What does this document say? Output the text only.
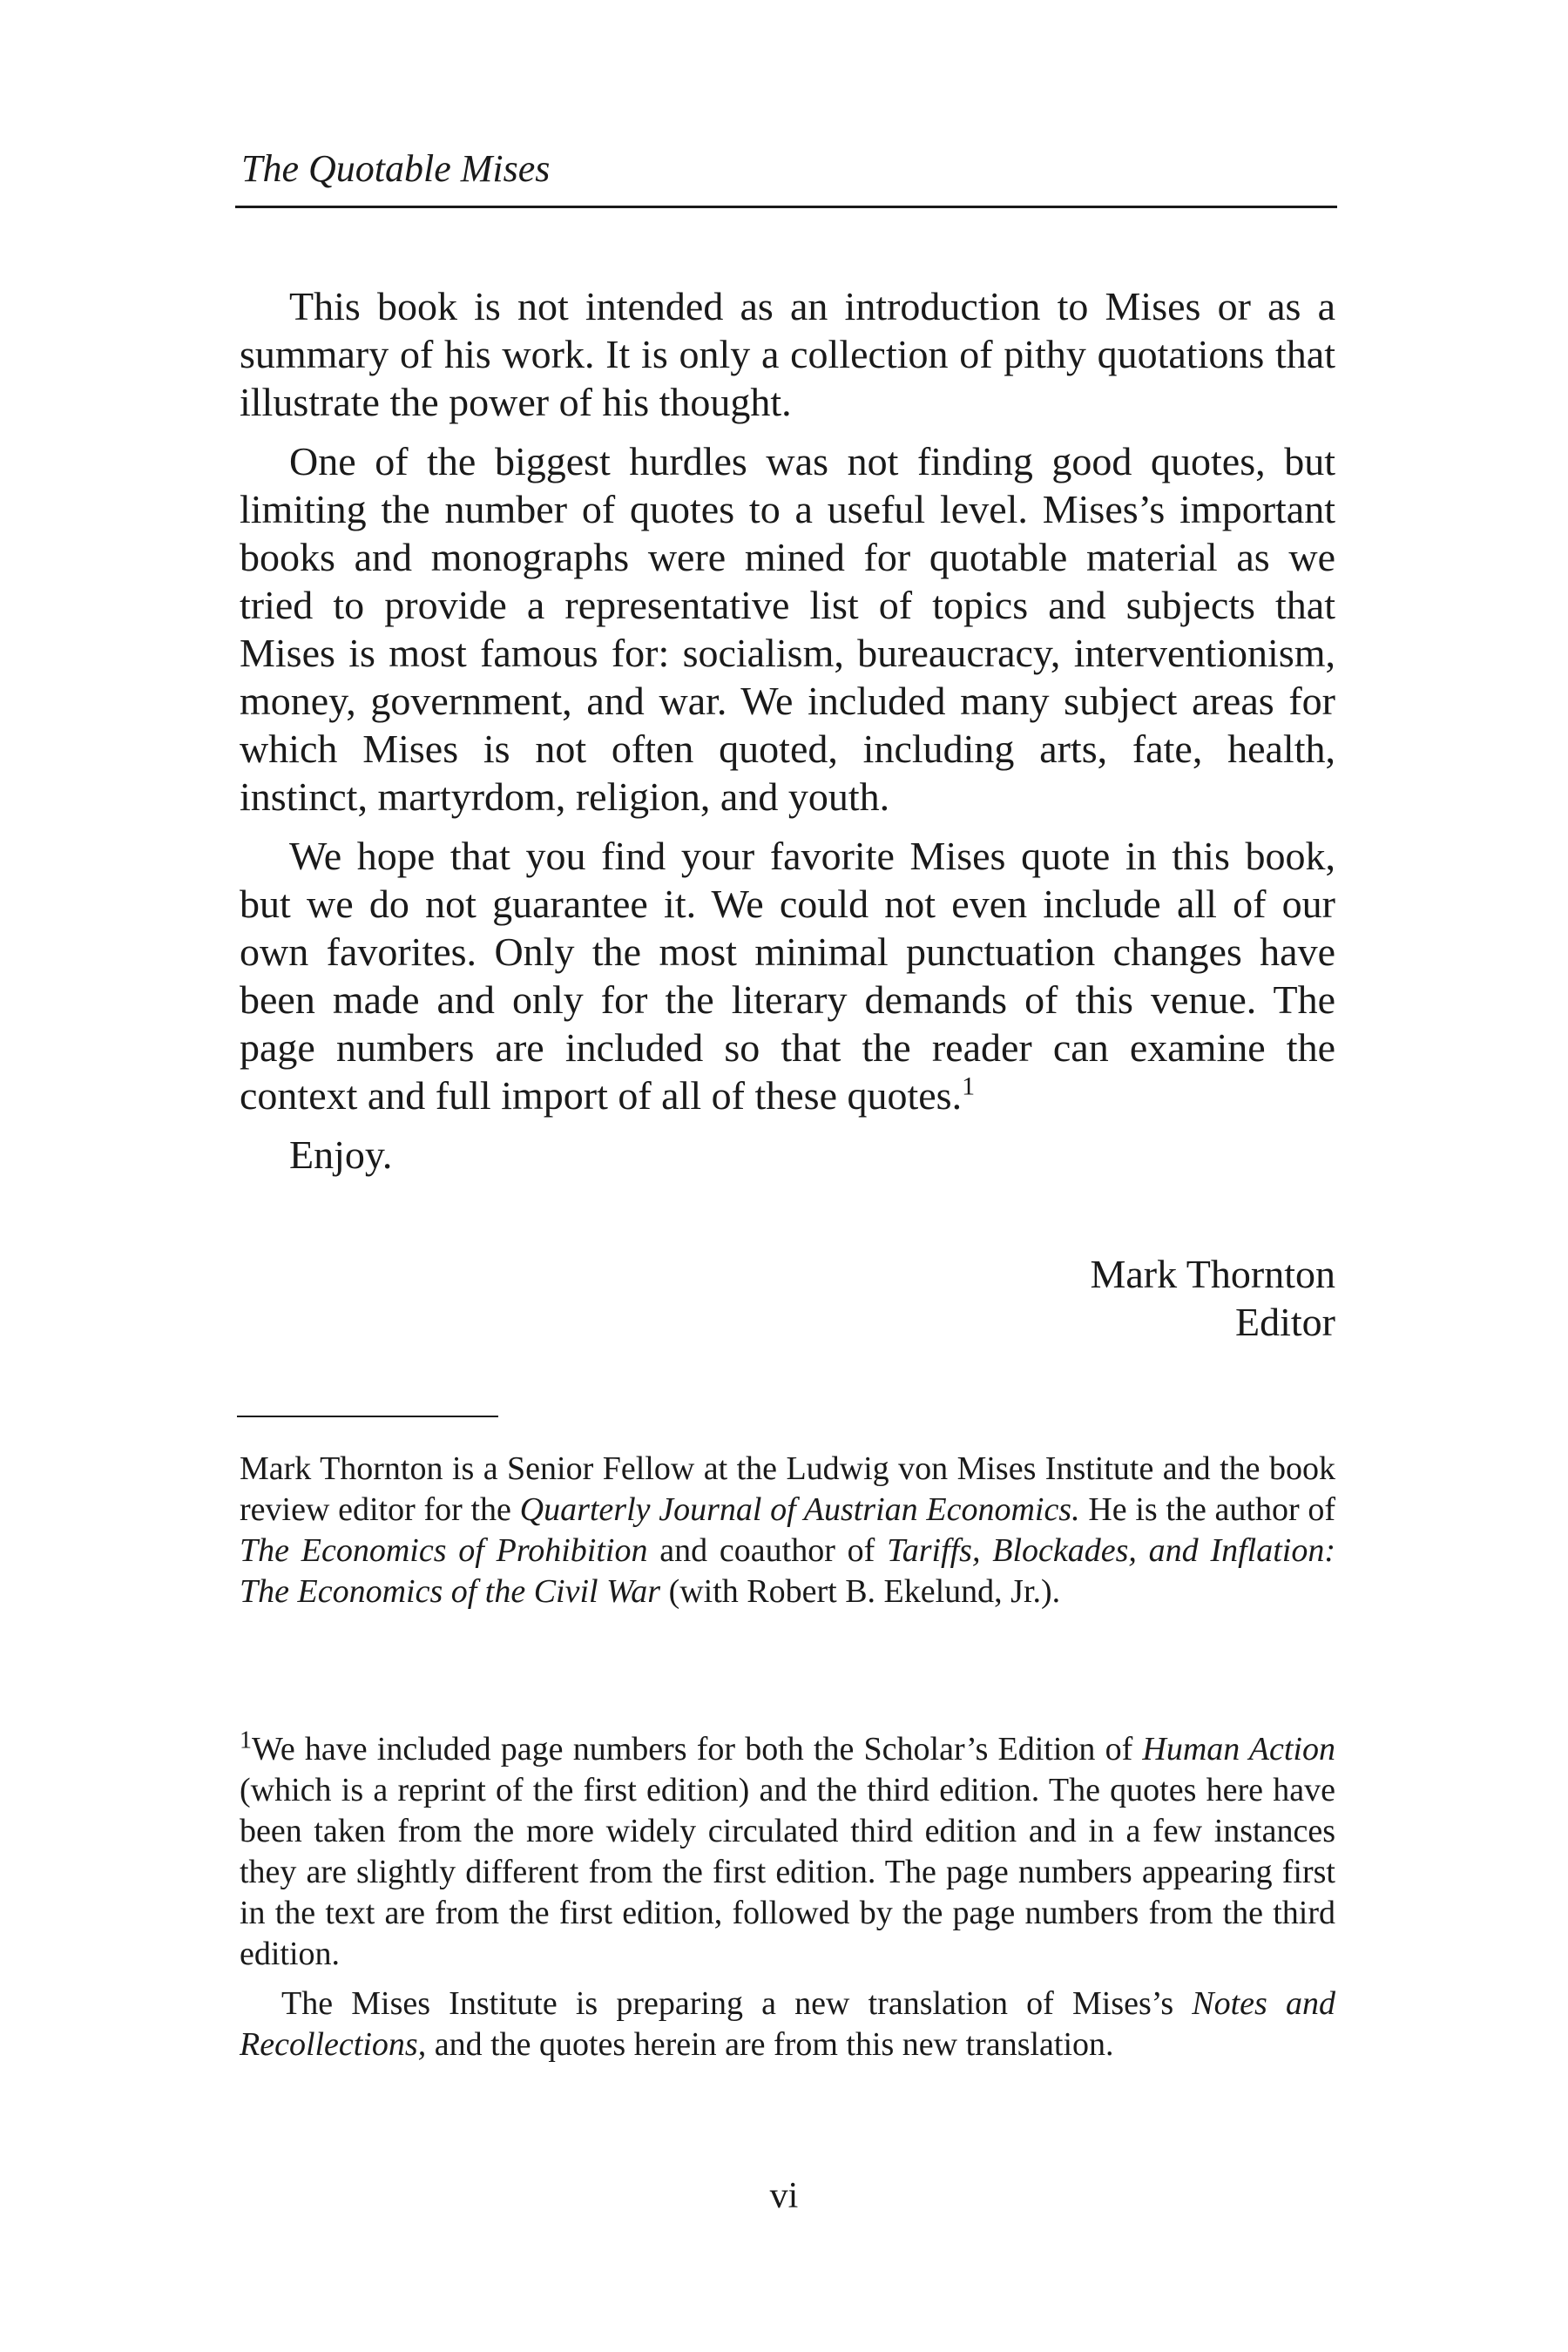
The Quotable Mises

This book is not intended as an introduction to Mises or as a summary of his work. It is only a collection of pithy quotations that illustrate the power of his thought.

One of the biggest hurdles was not finding good quotes, but limiting the number of quotes to a useful level. Mises’s important books and monographs were mined for quotable material as we tried to provide a representative list of topics and subjects that Mises is most famous for: socialism, bureaucracy, interventionism, money, government, and war. We included many subject areas for which Mises is not often quoted, including arts, fate, health, instinct, martyrdom, religion, and youth.

We hope that you find your favorite Mises quote in this book, but we do not guarantee it. We could not even include all of our own favorites. Only the most minimal punctuation changes have been made and only for the literary demands of this venue. The page numbers are included so that the reader can examine the context and full import of all of these quotes.$^1$

Enjoy.

Mark Thornton
Editor

Mark Thornton is a Senior Fellow at the Ludwig von Mises Institute and the book review editor for the Quarterly Journal of Austrian Economics. He is the author of The Economics of Prohibition and coauthor of Tariffs, Blockades, and Inflation: The Economics of the Civil War (with Robert B. Ekelund, Jr.).

$^1$We have included page numbers for both the Scholar’s Edition of Human Action (which is a reprint of the first edition) and the third edition. The quotes here have been taken from the more widely circulated third edition and in a few instances they are slightly different from the first edition. The page numbers appearing first in the text are from the first edition, followed by the page numbers from the third edition.

The Mises Institute is preparing a new translation of Mises’s Notes and Recollections, and the quotes herein are from this new translation.

vi
